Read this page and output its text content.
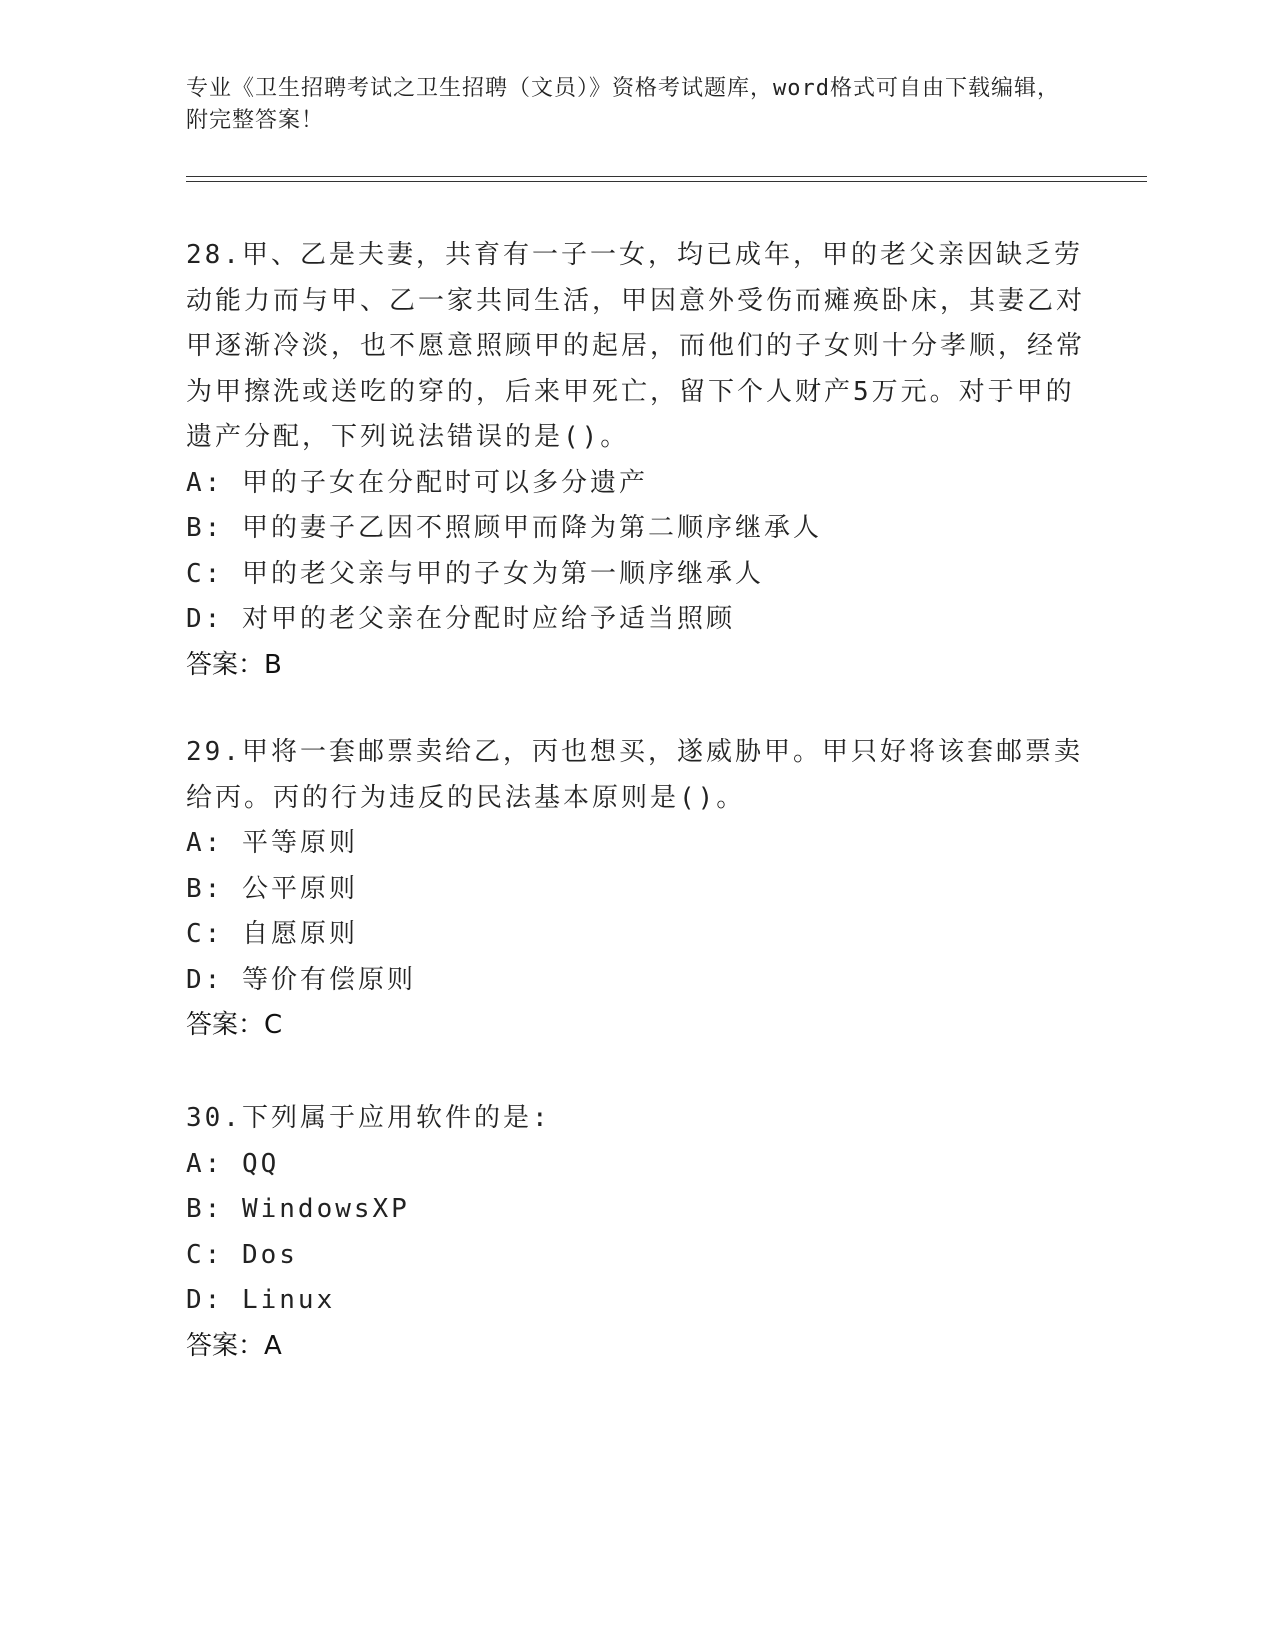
专业《卫生招聘考试之卫生招聘（文员）》资格考试题库，word格式可自由下载编辑，附完整答案！

28.甲、乙是夫妻，共育有一子一女，均已成年，甲的老父亲因缺乏劳动能力而与甲、乙一家共同生活，甲因意外受伤而瘫痪卧床，其妻乙对甲逐渐冷淡，也不愿意照顾甲的起居，而他们的子女则十分孝顺，经常为甲擦洗或送吃的穿的，后来甲死亡，留下个人财产5万元。对于甲的遗产分配，下列说法错误的是()。

A: 甲的子女在分配时可以多分遗产
B: 甲的妻子乙因不照顾甲而降为第二顺序继承人
C: 甲的老父亲与甲的子女为第一顺序继承人
D: 对甲的老父亲在分配时应给予适当照顾
答案：B

29.甲将一套邮票卖给乙，丙也想买，遂威胁甲。甲只好将该套邮票卖给丙。丙的行为违反的民法基本原则是()。

A: 平等原则
B: 公平原则
C: 自愿原则
D: 等价有偿原则
答案：C

30.下列属于应用软件的是:

A: QQ
B: WindowsXP
C: Dos
D: Linux
答案：A
